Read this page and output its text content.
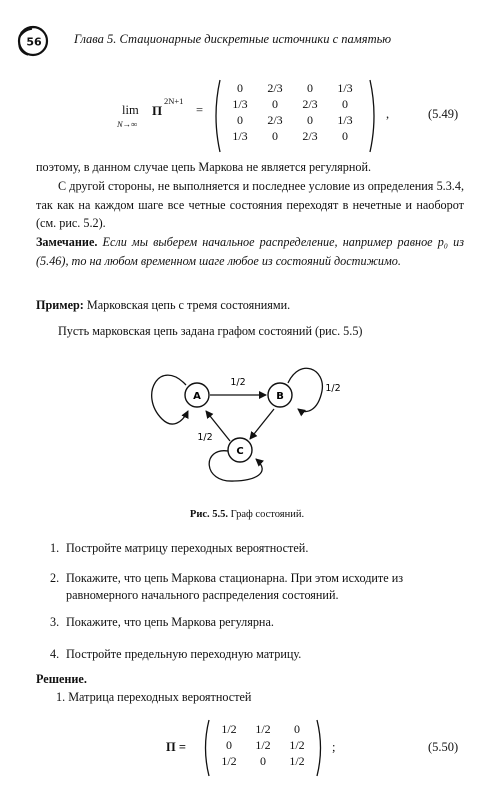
56	Глава 5. Стационарные дискретные источники с памятью
lim
N→∞
Π
2N+1
=
0	2/3	0	1/3
1/3	0	2/3	0
0	2/3	0	1/3
1/3	0	2/3	0
,	(5.49)
поэтому, в данном случае цепь Маркова не является регулярной.
С другой стороны, не выполняется и последнее условие из определения 5.3.4, так как на каждом шаге все четные состояния переходят в нечетные и наоборот (см. рис. 5.2).
Замечание. Если мы выберем начальное распределение, например равное p₀ из (5.46), то на любом временном шаге любое из состояний достижимо.
Пример: Марковская цепь с тремя состояниями.
Пусть марковская цепь задана графом состояний (рис. 5.5)
A	B
C
1/2
1/2
1/2
Рис. 5.5. Граф состояний.
1. Постройте матрицу переходных вероятностей.
2. Покажите, что цепь Маркова стационарна. При этом исходите из равномерного начального распределения состояний.
3. Покажите, что цепь Маркова регулярна.
4. Постройте предельную переходную матрицу.
Решение.
1. Матрица переходных вероятностей
Π =
1/2	1/2	0
0	1/2	1/2
1/2	0	1/2
;	(5.50)
